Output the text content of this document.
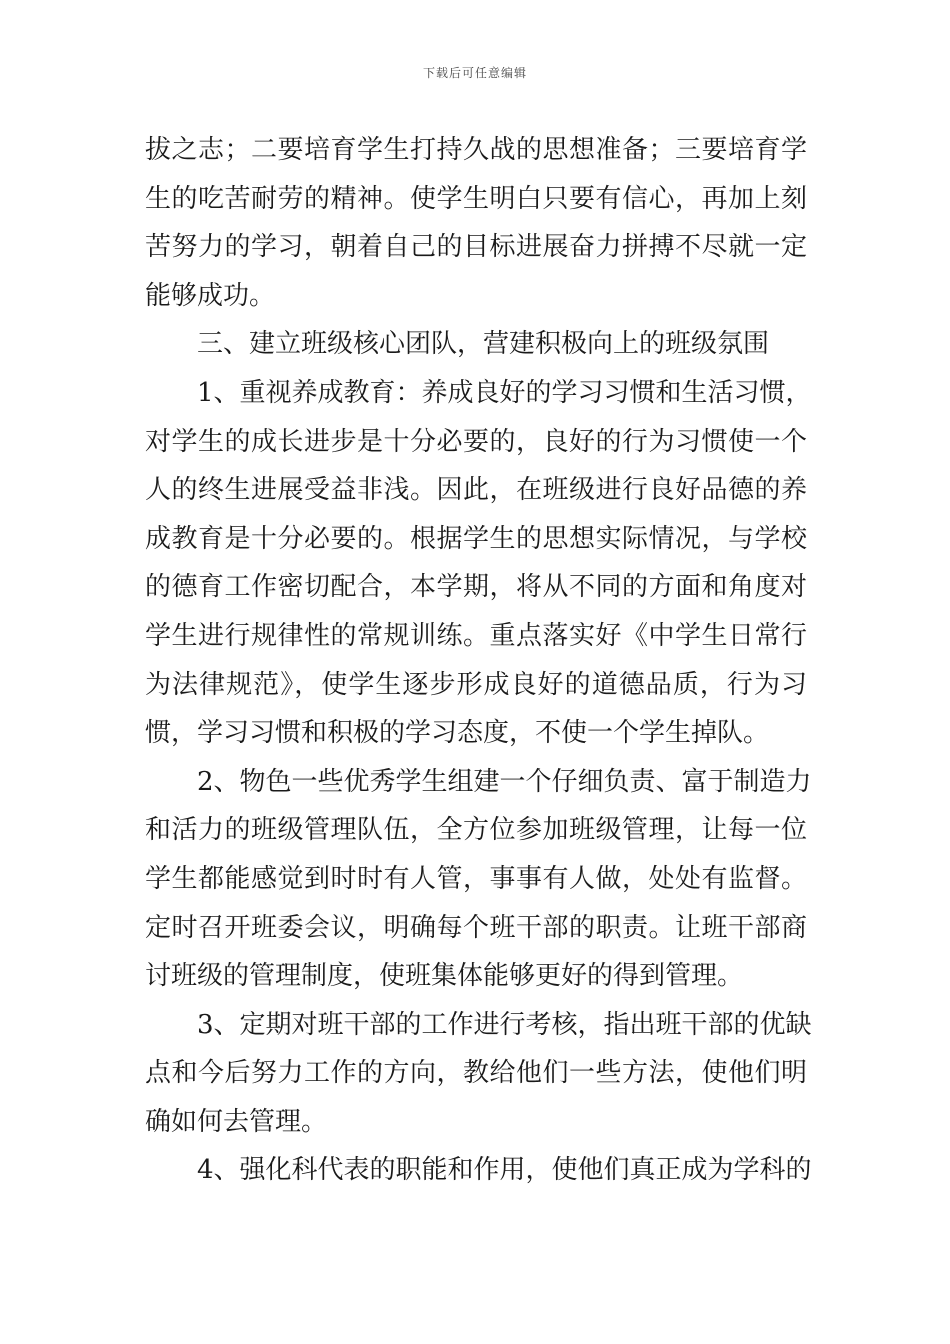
下载后可任意编辑
拔之志；二要培育学生打持久战的思想准备；三要培育学
生的吃苦耐劳的精神。使学生明白只要有信心，再加上刻
苦努力的学习，朝着自己的目标进展奋力拼搏不尽就一定
能够成功。
三、建立班级核心团队，营建积极向上的班级氛围
1、重视养成教育：养成良好的学习习惯和生活习惯，
对学生的成长进步是十分必要的，良好的行为习惯使一个
人的终生进展受益非浅。因此，在班级进行良好品德的养
成教育是十分必要的。根据学生的思想实际情况，与学校
的德育工作密切配合，本学期，将从不同的方面和角度对
学生进行规律性的常规训练。重点落实好《中学生日常行
为法律规范》，使学生逐步形成良好的道德品质，行为习
惯，学习习惯和积极的学习态度，不使一个学生掉队。
2、物色一些优秀学生组建一个仔细负责、富于制造力
和活力的班级管理队伍，全方位参加班级管理，让每一位
学生都能感觉到时时有人管，事事有人做，处处有监督。
定时召开班委会议，明确每个班干部的职责。让班干部商
讨班级的管理制度，使班集体能够更好的得到管理。
3、定期对班干部的工作进行考核，指出班干部的优缺
点和今后努力工作的方向，教给他们一些方法，使他们明
确如何去管理。
4、强化科代表的职能和作用，使他们真正成为学科的
